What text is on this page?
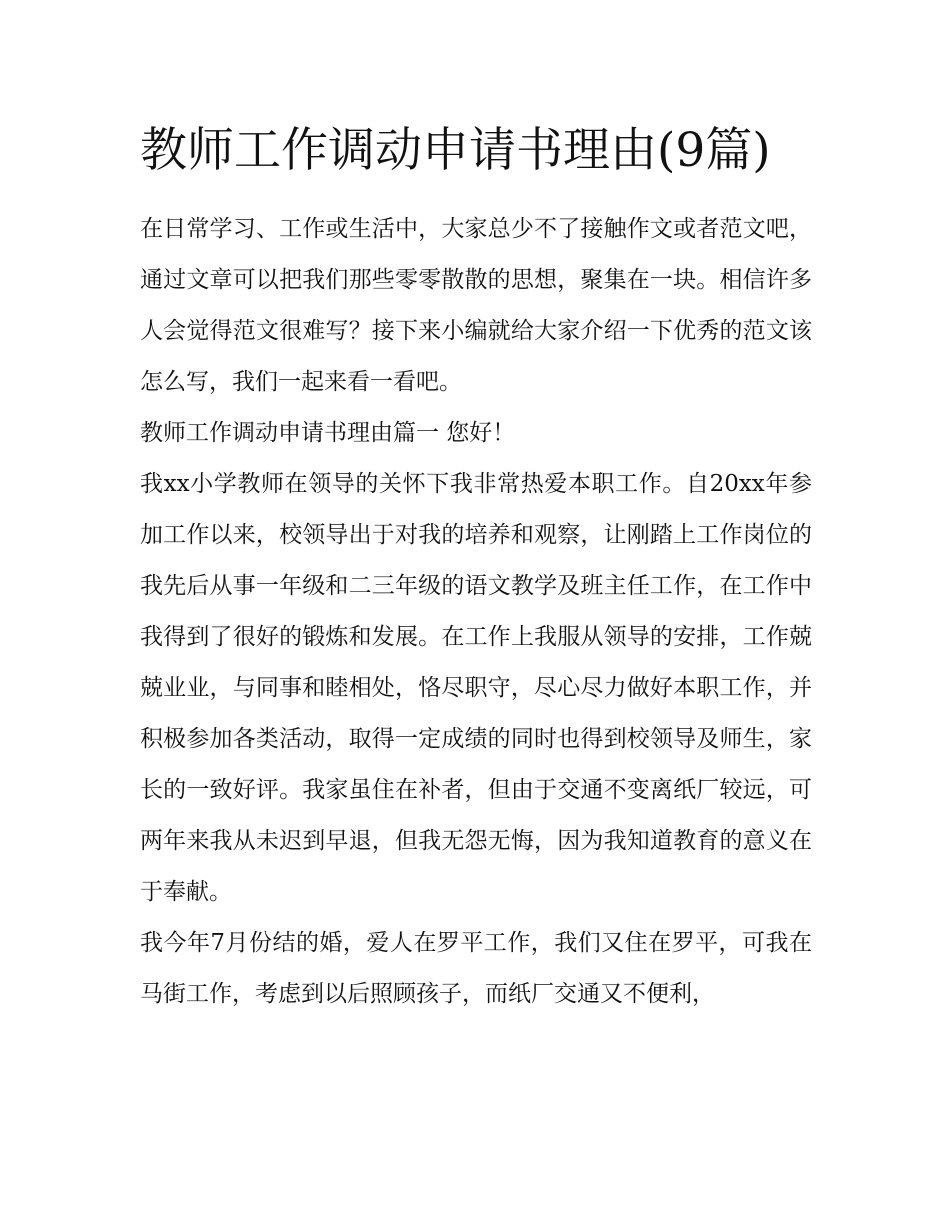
教师工作调动申请书理由(9篇)

在日常学习、工作或生活中，大家总少不了接触作文或者范文吧，通过文章可以把我们那些零零散散的思想，聚集在一块。相信许多人会觉得范文很难写？接下来小编就给大家介绍一下优秀的范文该怎么写，我们一起来看一看吧。

教师工作调动申请书理由篇一 您好！

我xx小学教师在领导的关怀下我非常热爱本职工作。自20xx年参加工作以来，校领导出于对我的培养和观察，让刚踏上工作岗位的我先后从事一年级和二三年级的语文教学及班主任工作，在工作中我得到了很好的锻炼和发展。在工作上我服从领导的安排，工作兢兢业业，与同事和睦相处，恪尽职守，尽心尽力做好本职工作，并积极参加各类活动，取得一定成绩的同时也得到校领导及师生，家长的一致好评。我家虽住在补者，但由于交通不变离纸厂较远，可两年来我从未迟到早退，但我无怨无悔，因为我知道教育的意义在于奉献。

我今年7月份结的婚，爱人在罗平工作，我们又住在罗平，可我在马街工作，考虑到以后照顾孩子，而纸厂交通又不便利，
